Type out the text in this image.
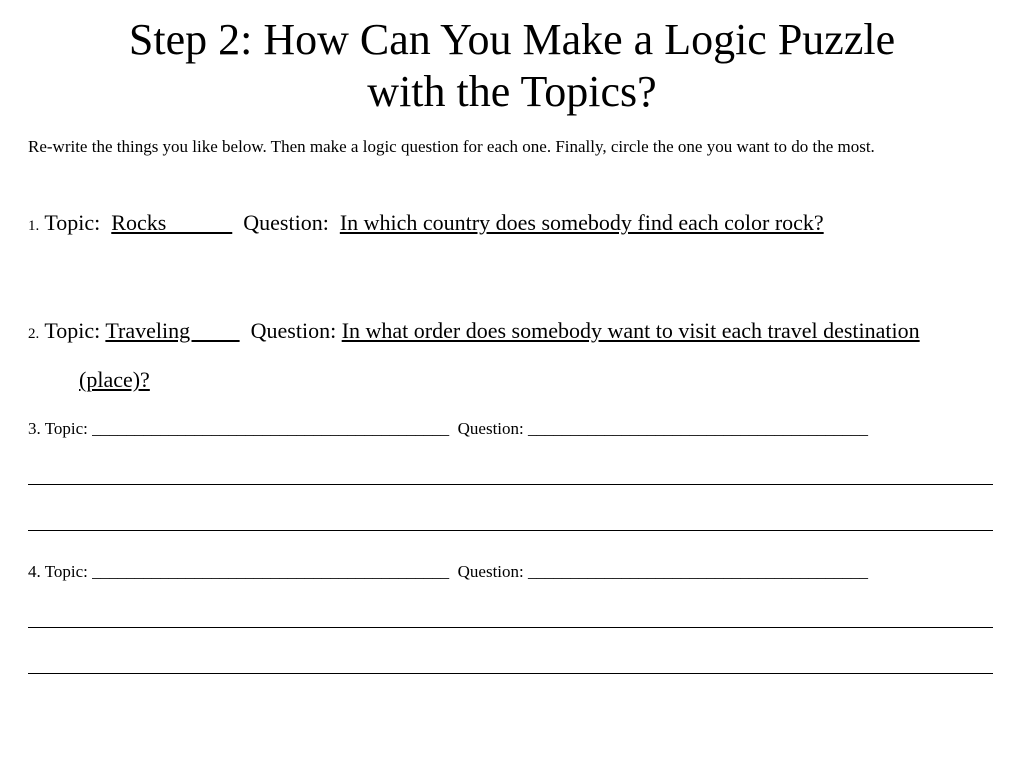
Step 2: How Can You Make a Logic Puzzle
with the Topics?
Re-write the things you like below. Then make a logic question for each one. Finally, circle the one you want to do the most.
1. Topic: Rocks              Question: In which country does somebody find each color rock?
2. Topic: Traveling           Question: In what order does somebody want to visit each travel destination (place)?
3. Topic: __________________________________________  Question: ________________________________________
4. Topic: __________________________________________  Question: ________________________________________
